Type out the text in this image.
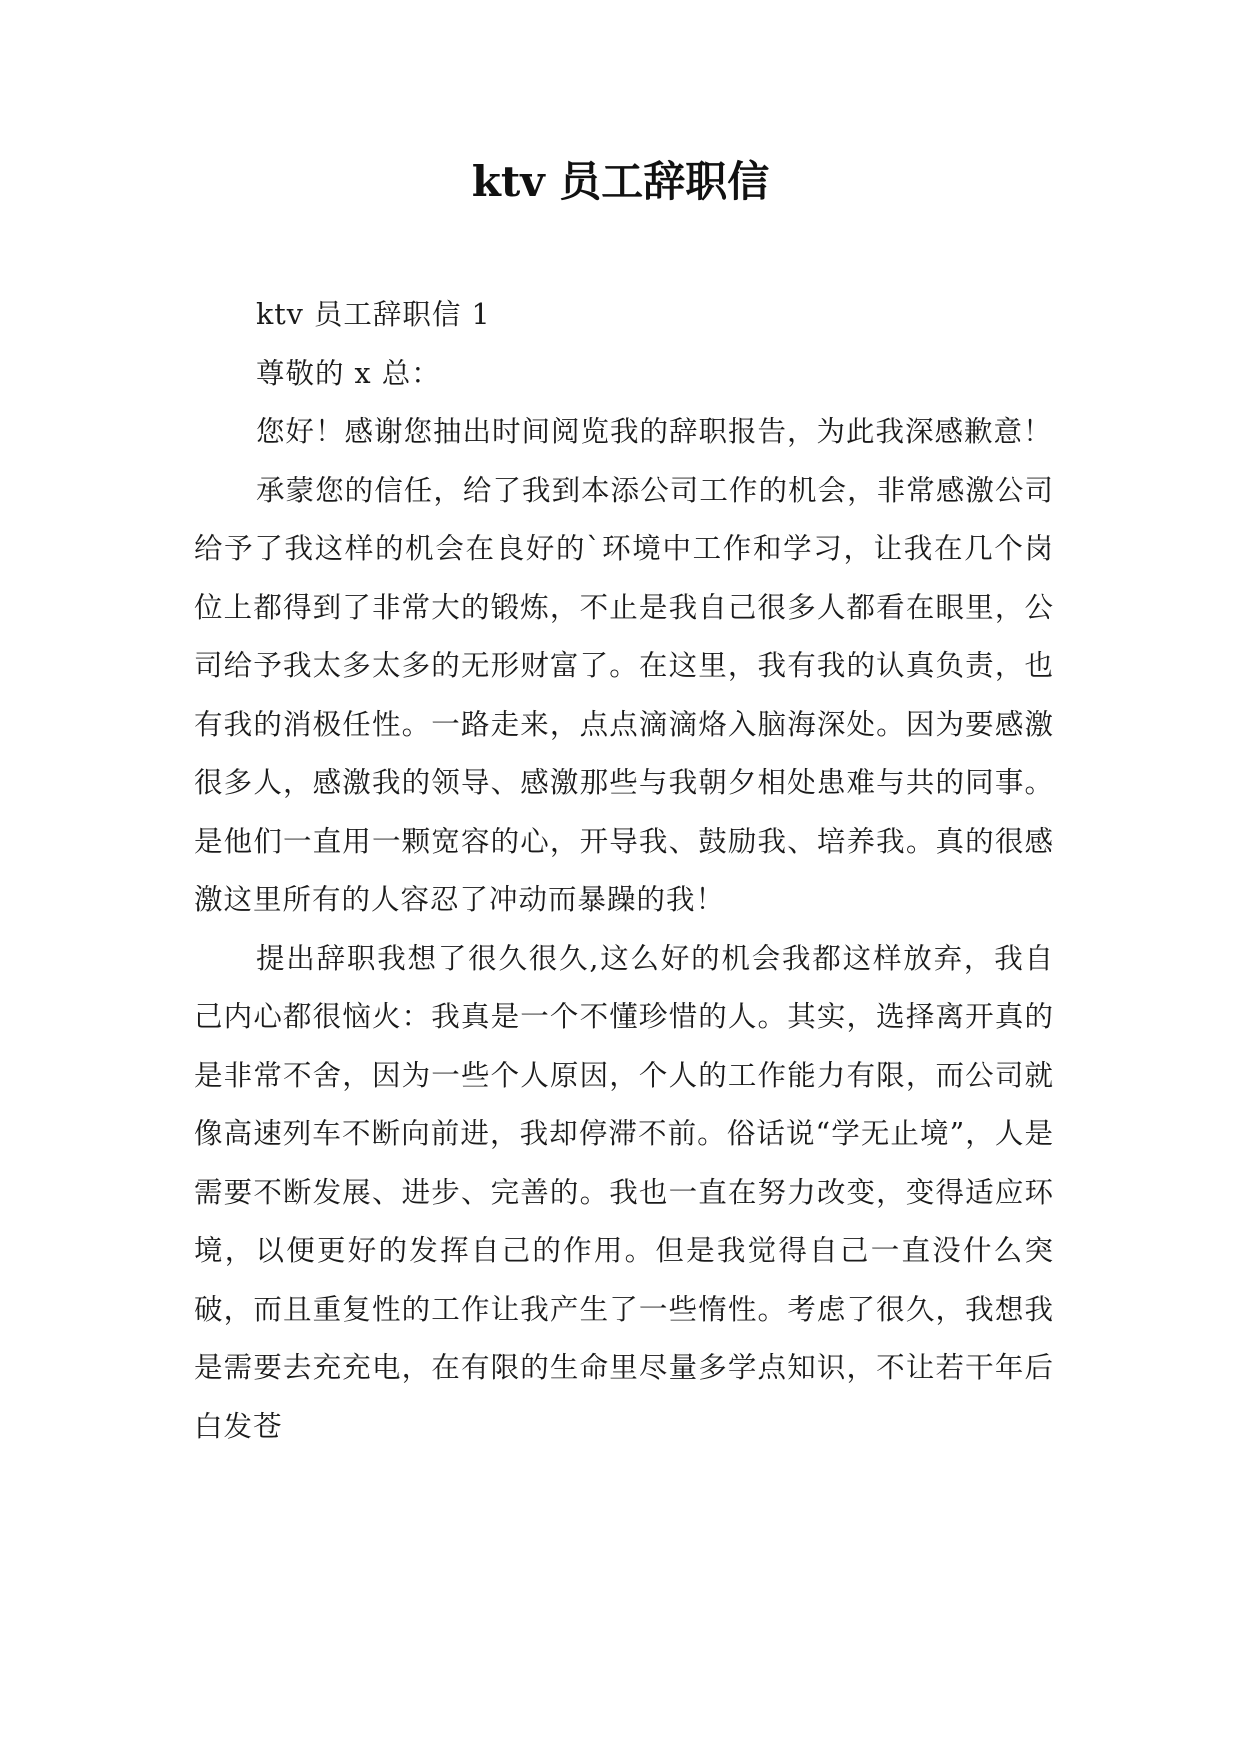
ktv 员工辞职信

ktv 员工辞职信 1

尊敬的 x 总：

您好！感谢您抽出时间阅览我的辞职报告，为此我深感歉意！

承蒙您的信任，给了我到本添公司工作的机会，非常感激公司给予了我这样的机会在良好的`环境中工作和学习，让我在几个岗位上都得到了非常大的锻炼，不止是我自己很多人都看在眼里，公司给予我太多太多的无形财富了。在这里，我有我的认真负责，也有我的消极任性。一路走来，点点滴滴烙入脑海深处。因为要感激很多人，感激我的领导、感激那些与我朝夕相处患难与共的同事。是他们一直用一颗宽容的心，开导我、鼓励我、培养我。真的很感激这里所有的人容忍了冲动而暴躁的我！

提出辞职我想了很久很久,这么好的机会我都这样放弃，我自己内心都很恼火：我真是一个不懂珍惜的人。其实，选择离开真的是非常不舍，因为一些个人原因，个人的工作能力有限，而公司就像高速列车不断向前进，我却停滞不前。俗话说“学无止境”，人是需要不断发展、进步、完善的。我也一直在努力改变，变得适应环境，以便更好的发挥自己的作用。但是我觉得自己一直没什么突破，而且重复性的工作让我产生了一些惰性。考虑了很久，我想我是需要去充充电，在有限的生命里尽量多学点知识，不让若干年后白发苍
